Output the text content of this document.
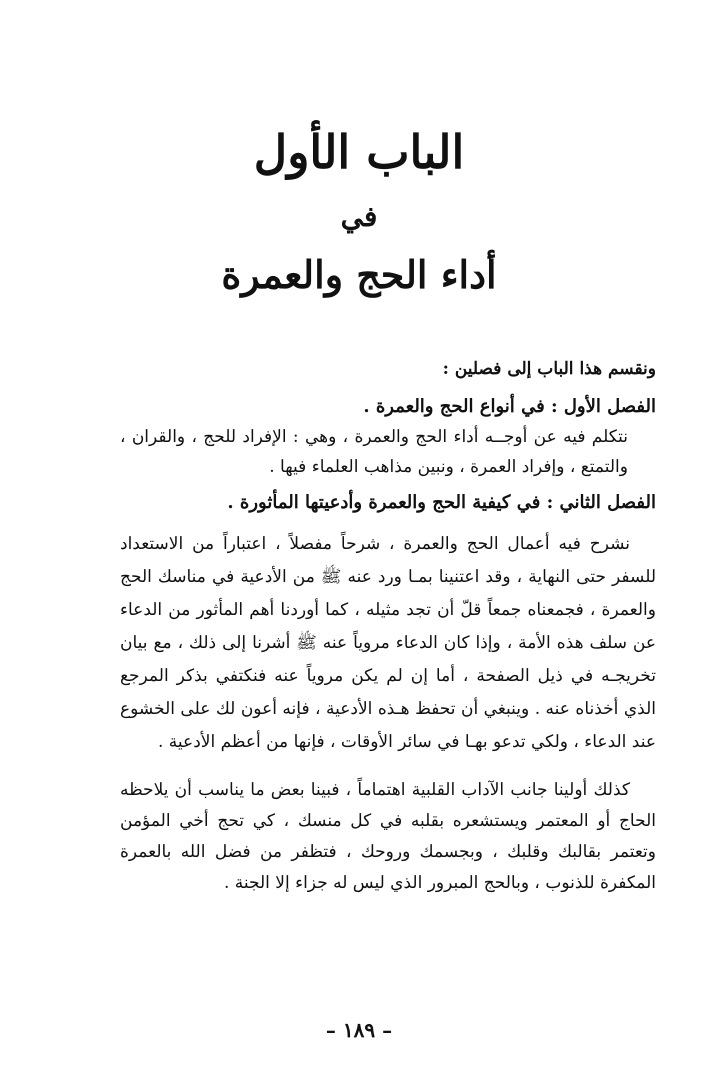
الباب الأول
في
أداء الحج والعمرة

ونقسم هذا الباب إلى فصلين :

الفصل الأول : في أنواع الحج والعمرة .

نتكلم فيه عن أوجــه أداء الحج والعمرة ، وهي : الإفراد للحج ، والقران ، والتمتع ، وإفراد العمرة ، ونبين مذاهب العلماء فيها .

الفصل الثاني : في كيفية الحج والعمرة وأدعيتها المأثورة .

نشرح فيه أعمال الحج والعمرة ، شرحاً مفصلاً ، اعتباراً من الاستعداد للسفر حتى النهاية ، وقد اعتنينا بمـا ورد عنه ﷺ من الأدعية في مناسك الحج والعمرة ، فجمعناه جمعاً قلّ أن تجد مثيله ، كما أوردنا أهم المأثور من الدعاء عن سلف هذه الأمة ، وإذا كان الدعاء مروياً عنه ﷺ أشرنا إلى ذلك ، مع بيان تخريجـه في ذيل الصفحة ، أما إن لم يكن مروياً عنه فنكتفي بذكر المرجع الذي أخذناه عنه . وينبغي أن تحفظ هـذه الأدعية ، فإنه أعون لك على الخشوع عند الدعاء ، ولكي تدعو بهـا في سائر الأوقات ، فإنها من أعظم الأدعية .

كذلك أولينا جانب الآداب القلبية اهتماماً ، فبينا بعض ما يناسب أن يلاحظه الحاج أو المعتمر ويستشعره بقلبه في كل منسك ، كي تحج أخي المؤمن وتعتمر بقالبك وقلبك ، وبجسمك وروحك ، فتظفر من فضل الله بالعمرة المكفرة للذنوب ، وبالحج المبرور الذي ليس له جزاء إلا الجنة .

– ١٨٩ –
